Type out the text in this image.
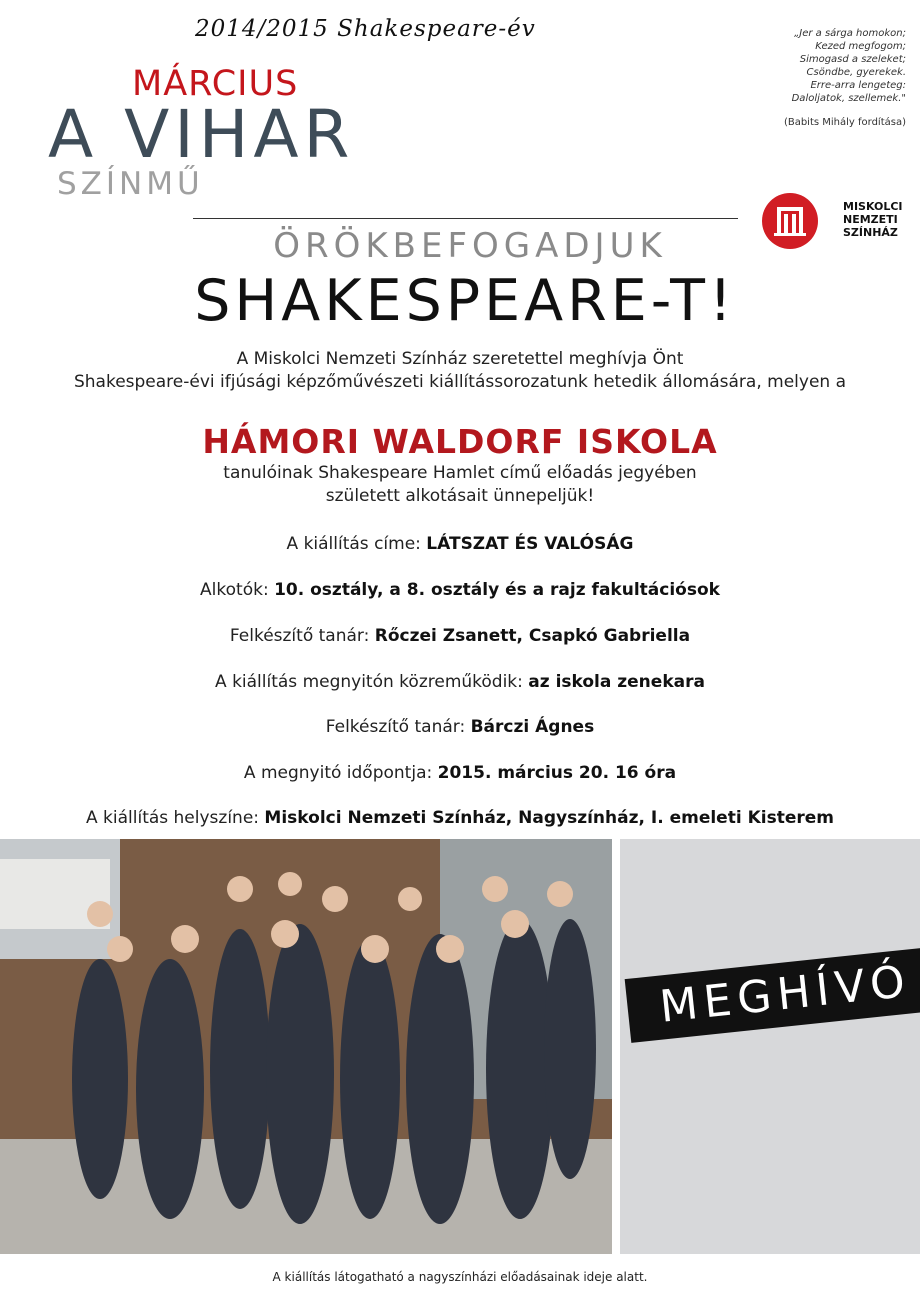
2014/2015 Shakespeare-év
MÁRCIUS
A VIHAR
SZÍNMŰ
„Jer a sárga homokon;
Kezed megfogom;
Simogasd a szeleket;
Csöndbe, gyerekek.
Erre-arra lengeteg:
Daloljatok, szellemek."
(Babits Mihály fordítása)
MISKOLCI
NEMZETI
SZÍNHÁZ
ÖRÖKBEFOGADJUK
SHAKESPEARE-T!
A Miskolci Nemzeti Színház szeretettel meghívja Önt
Shakespeare-évi ifjúsági képzőművészeti kiállítássorozatunk hetedik állomására, melyen a
HÁMORI WALDORF ISKOLA
tanulóinak Shakespeare Hamlet című előadás jegyében
született alkotásait ünnepeljük!
A kiállítás címe: LÁTSZAT ÉS VALÓSÁG
Alkotók: 10. osztály, a 8. osztály és a rajz fakultációsok
Felkészítő tanár: Rőczei Zsanett, Csapkó Gabriella
A kiállítás megnyitón közreműködik: az iskola zenekara
Felkészítő tanár: Bárczi Ágnes
A megnyitó időpontja: 2015. március 20. 16 óra
A kiállítás helyszíne: Miskolci Nemzeti Színház, Nagyszínház, I. emeleti Kisterem
MEGHÍVÓ
A kiállítás látogatható a nagyszínházi előadásainak ideje alatt.
